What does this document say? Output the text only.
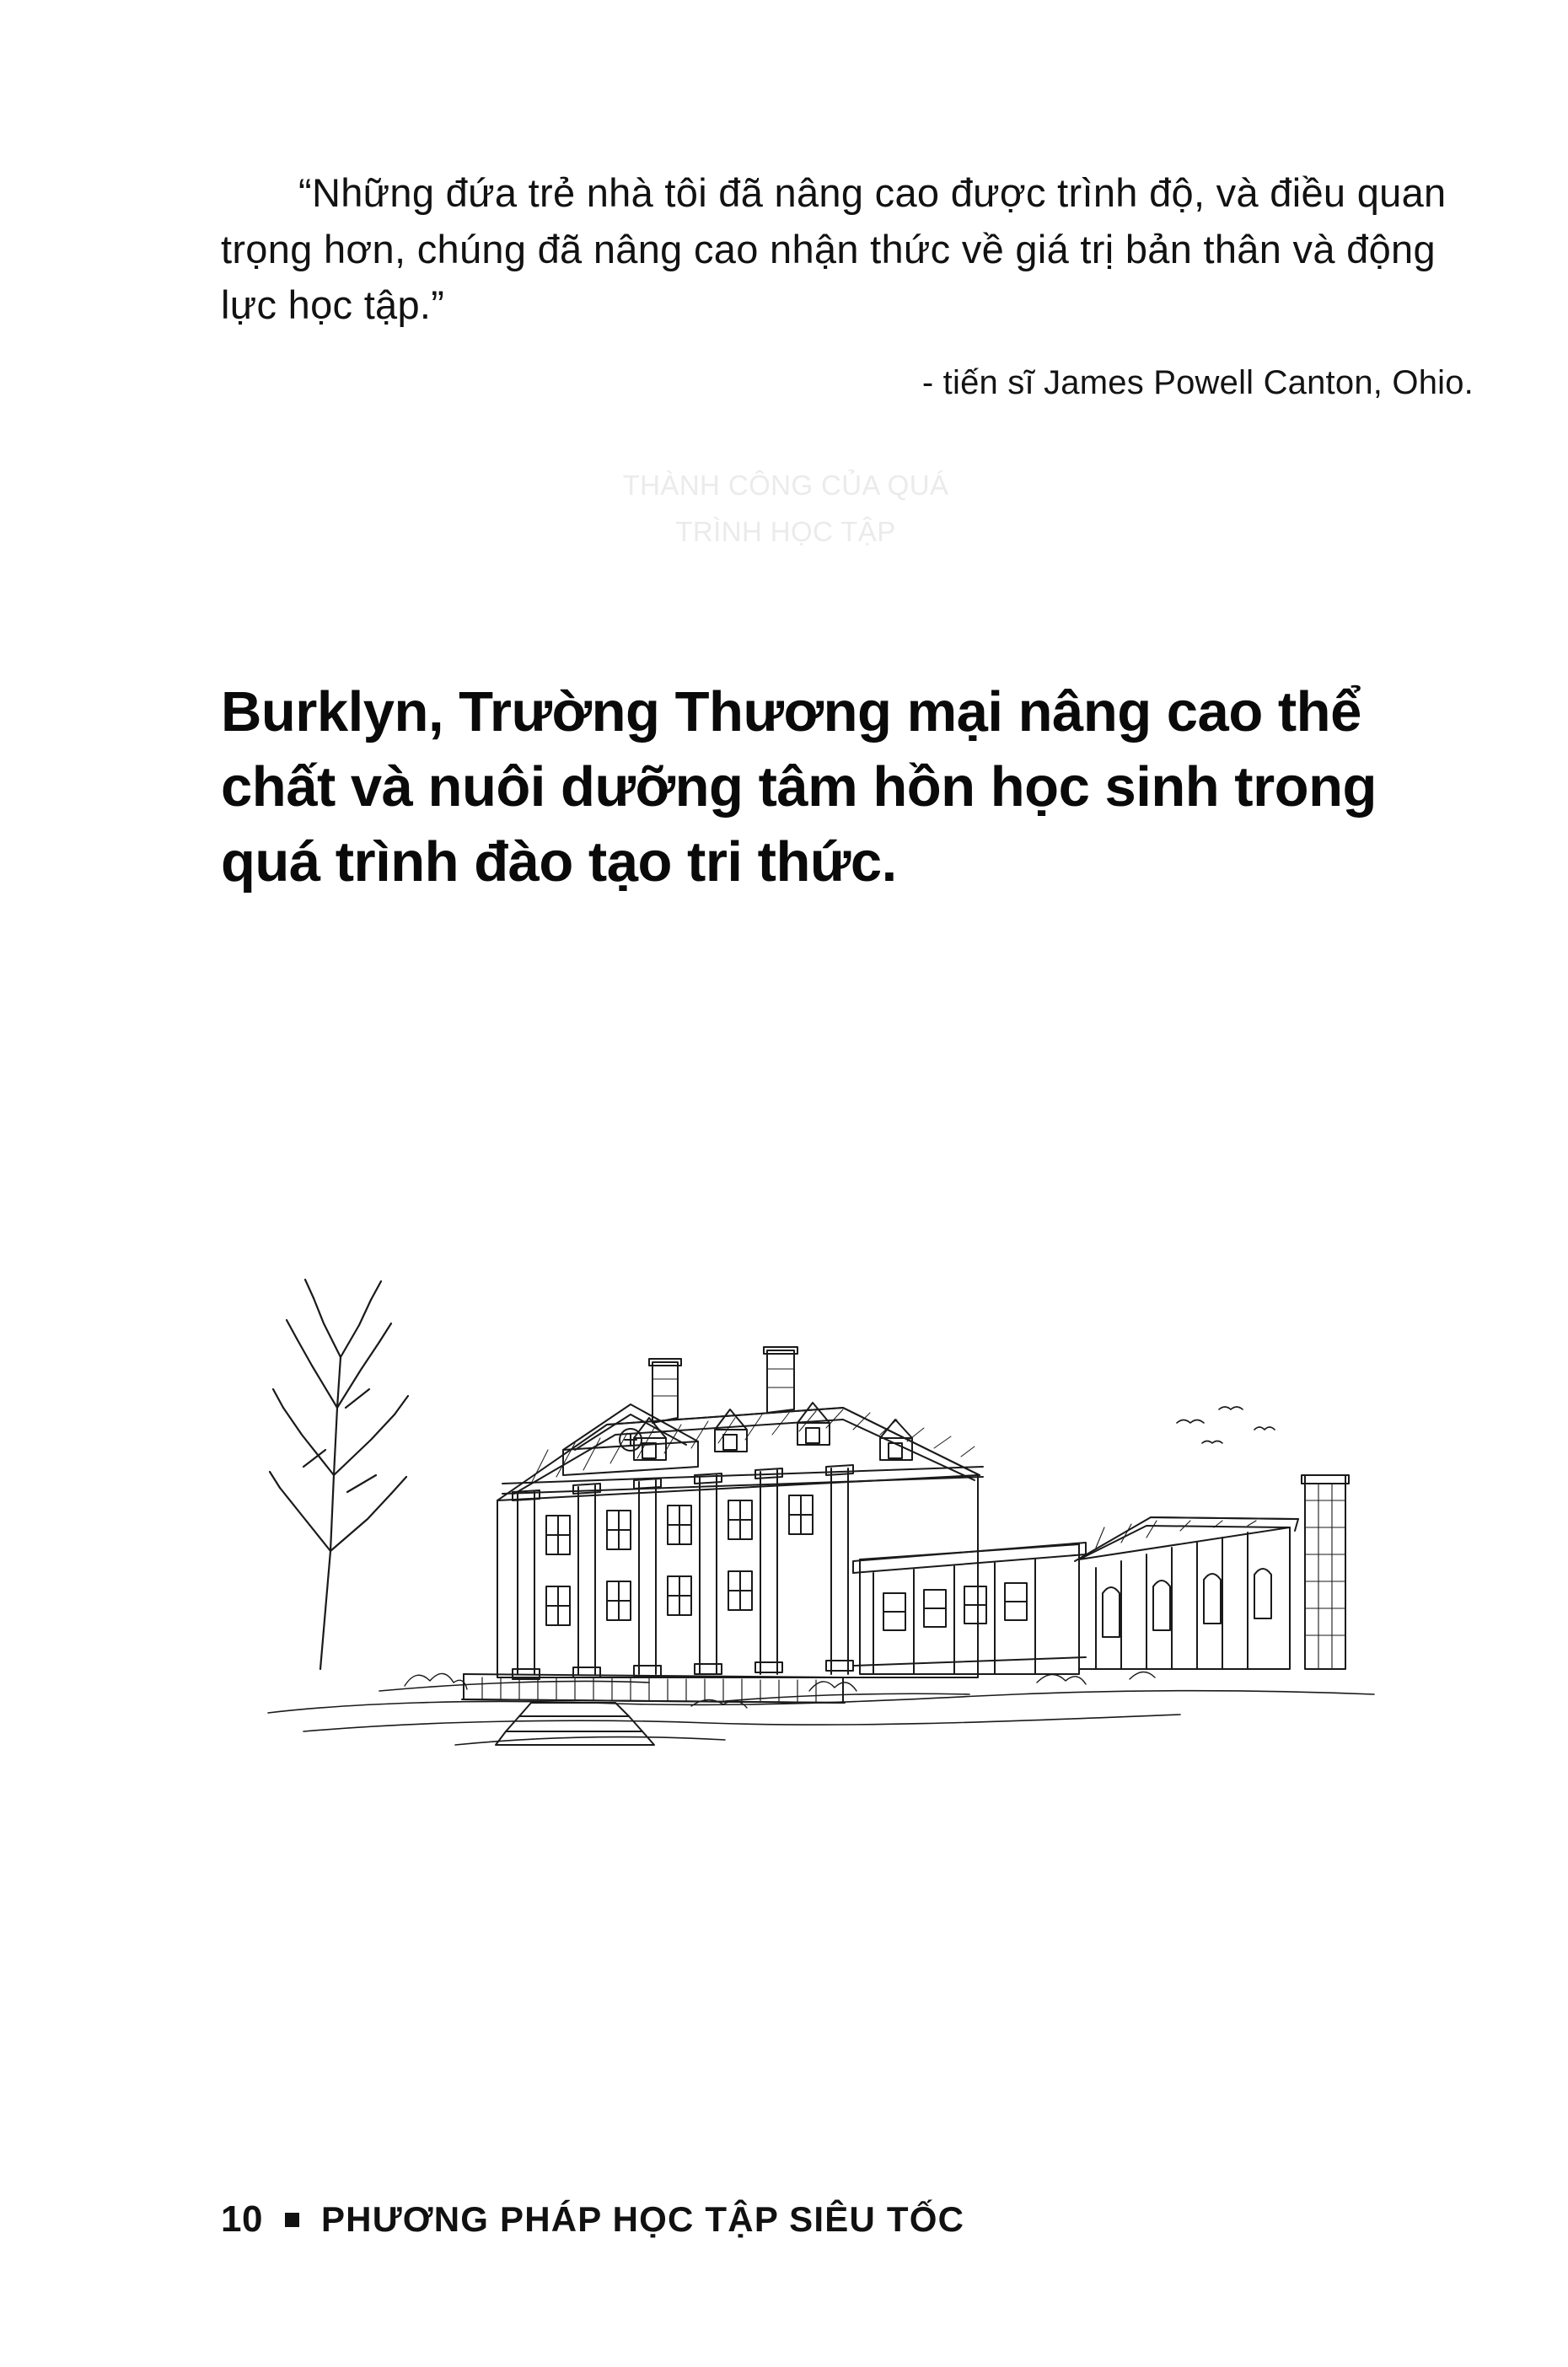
THÀNH CÔNG CỦA QUÁ
TRÌNH HỌC TẬP
“Những đứa trẻ nhà tôi đã nâng cao được trình độ, và điều quan trọng hơn, chúng đã nâng cao nhận thức về giá trị bản thân và động lực học tập.”
- tiến sĩ James Powell Canton, Ohio.
Burklyn, Trường Thương mại nâng cao thể chất và nuôi dưỡng tâm hồn học sinh trong quá trình đào tạo tri thức.
10 PHƯƠNG PHÁP HỌC TẬP SIÊU TỐC
